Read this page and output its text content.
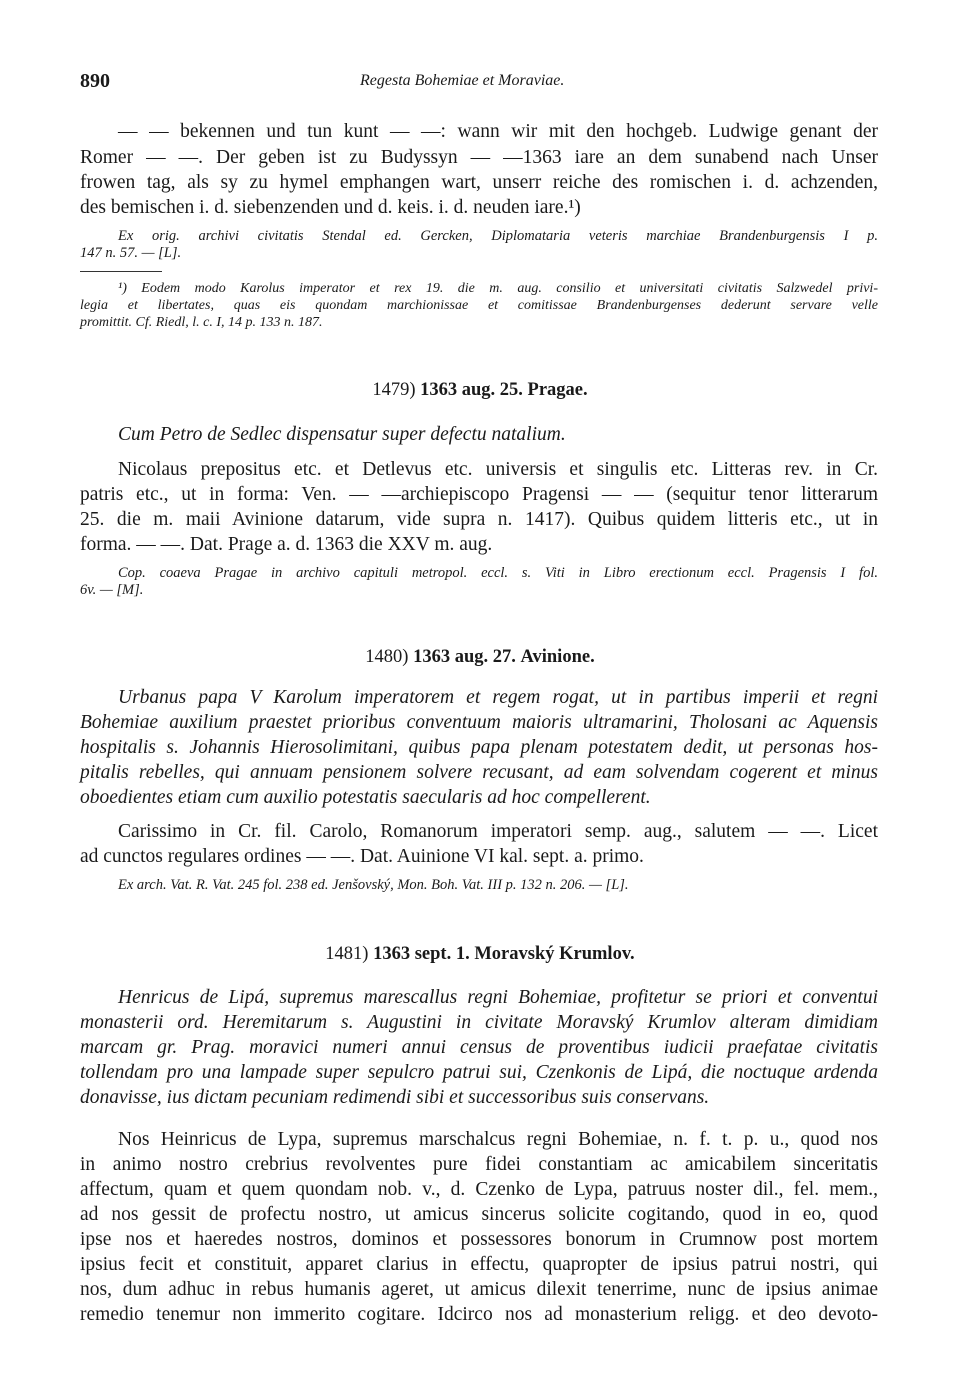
890	Regesta Bohemiae et Moraviae.
— — bekennen und tun kunt — —: wann wir mit den hochgeb. Ludwige genant der
Romer — —. Der geben ist zu Budyssyn — —1363 iare an dem sunabend nach Unser
frowen tag, als sy zu hymel emphangen wart, unserr reiche des romischen i. d. achzenden,
des bemischen i. d. siebenzenden und d. keis. i. d. neuden iare.¹)
Ex orig. archivi civitatis Stendal ed. Gercken, Diplomataria veteris marchiae Brandenburgensis I p.
147 n. 57. — [L].
¹) Eodem modo Karolus imperator et rex 19. die m. aug. consilio et universitati civitatis Salzwedel privi-
legia et libertates, quas eis quondam marchionissae et comitissae Brandenburgenses dederunt servare velle
promittit. Cf. Riedl, l. c. I, 14 p. 133 n. 187.
1479) 1363 aug. 25. Pragae.
Cum Petro de Sedlec dispensatur super defectu natalium.
Nicolaus prepositus etc. et Detlevus etc. universis et singulis etc. Litteras rev. in Cr.
patris etc., ut in forma: Ven. — —archiepiscopo Pragensi — — (sequitur tenor litterarum
25. die m. maii Avinione datarum, vide supra n. 1417). Quibus quidem litteris etc., ut in
forma. — —. Dat. Prage a. d. 1363 die XXV m. aug.
Cop. coaeva Pragae in archivo capituli metropol. eccl. s. Viti in Libro erectionum eccl. Pragensis I fol.
6v. — [M].
1480) 1363 aug. 27. Avinione.
Urbanus papa V Karolum imperatorem et regem rogat, ut in partibus imperii et regni
Bohemiae auxilium praestet prioribus conventuum maioris ultramarini, Tholosani ac Aquensis
hospitalis s. Johannis Hierosolimitani, quibus papa plenam potestatem dedit, ut personas hos-
pitalis rebelles, qui annuam pensionem solvere recusant, ad eam solvendam cogerent et minus
oboedientes etiam cum auxilio potestatis saecularis ad hoc compellerent.
Carissimo in Cr. fil. Carolo, Romanorum imperatori semp. aug., salutem — —. Licet
ad cunctos regulares ordines — —. Dat. Auinione VI kal. sept. a. primo.
Ex arch. Vat. R. Vat. 245 fol. 238 ed. Jenšovský, Mon. Boh. Vat. III p. 132 n. 206. — [L].
1481) 1363 sept. 1. Moravský Krumlov.
Henricus de Lipá, supremus marescallus regni Bohemiae, profitetur se priori et conventui
monasterii ord. Heremitarum s. Augustini in civitate Moravský Krumlov alteram dimidiam
marcam gr. Prag. moravici numeri annui census de proventibus iudicii praefatae civitatis
tollendam pro una lampade super sepulcro patrui sui, Czenkonis de Lipá, die noctuque ardenda
donavisse, ius dictam pecuniam redimendi sibi et successoribus suis conservans.
Nos Heinricus de Lypa, supremus marschalcus regni Bohemiae, n. f. t. p. u., quod nos
in animo nostro crebrius revolventes pure fidei constantiam ac amicabilem sinceritatis
affectum, quam et quem quondam nob. v., d. Czenko de Lypa, patruus noster dil., fel. mem.,
ad nos gessit de profectu nostro, ut amicus sincerus solicite cogitando, quod in eo, quod
ipse nos et haeredes nostros, dominos et possessores bonorum in Crumnow post mortem
ipsius fecit et constituit, apparet clarius in effectu, quapropter de ipsius patrui nostri, qui
nos, dum adhuc in rebus humanis ageret, ut amicus dilexit tenerrime, nunc de ipsius animae
remedio tenemur non immerito cogitare. Idcirco nos ad monasterium religg. et deo devoto-
